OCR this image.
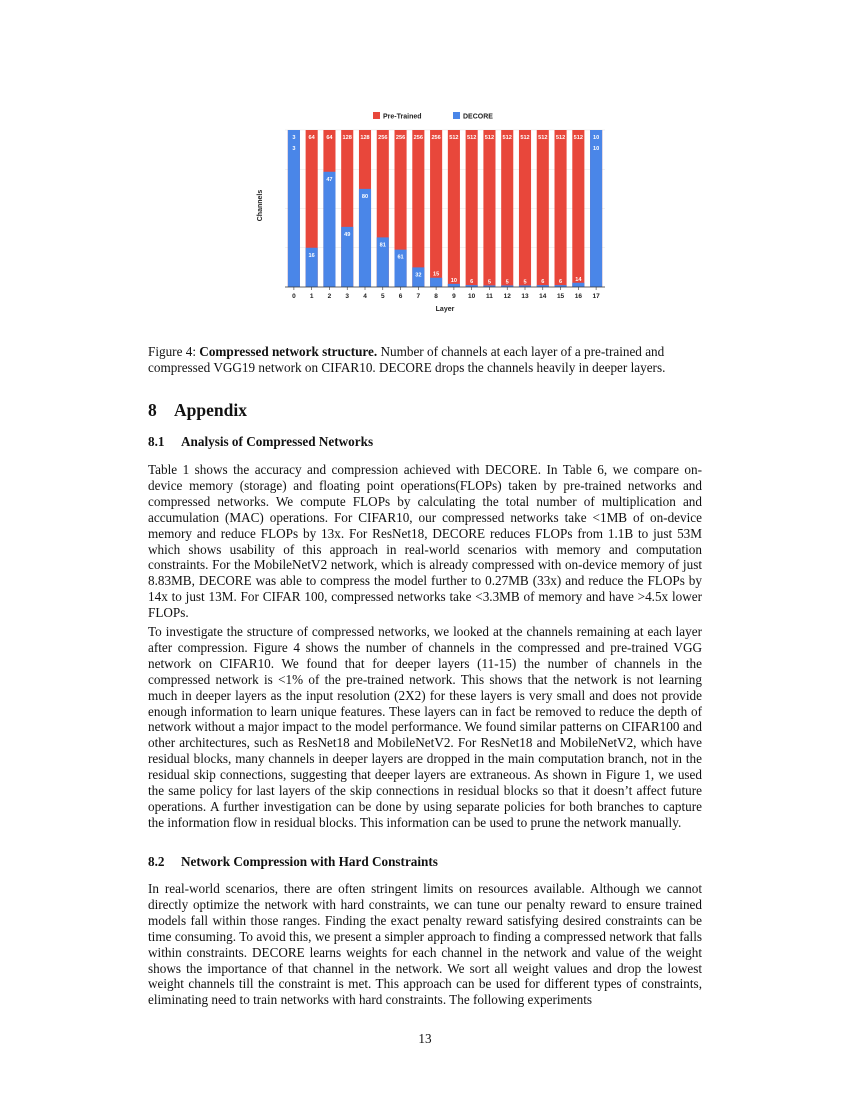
Pre-Trained	DECORE
3
3
0
64
16
1
64
47
2
128
49
3
128
80
4
256
81
5
256
61
6
256
32
7
256
15
8
512
10
9
512
6
10
512
5
11
512
5
12
512
5
13
512
6
14
512
6
15
512
14
16
10
10
17
Layer
Channels
Figure 4: Compressed network structure. Number of channels at each layer of a pre-trained and compressed VGG19 network on CIFAR10. DECORE drops the channels heavily in deeper layers.
8 Appendix
8.1 Analysis of Compressed Networks

Table 1 shows the accuracy and compression achieved with DECORE. In Table 6, we compare on-device memory (storage) and floating point operations(FLOPs) taken by pre-trained networks and compressed networks. We compute FLOPs by calculating the total number of multiplication and accumulation (MAC) operations. For CIFAR10, our compressed networks take <1MB of on-device memory and reduce FLOPs by 13x. For ResNet18, DECORE reduces FLOPs from 1.1B to just 53M which shows usability of this approach in real-world scenarios with memory and computation constraints. For the MobileNetV2 network, which is already compressed with on-device memory of just 8.83MB, DECORE was able to compress the model further to 0.27MB (33x) and reduce the FLOPs by 14x to just 13M. For CIFAR 100, compressed networks take <3.3MB of memory and have >4.5x lower FLOPs.

To investigate the structure of compressed networks, we looked at the channels remaining at each layer after compression. Figure 4 shows the number of channels in the compressed and pre-trained VGG network on CIFAR10. We found that for deeper layers (11-15) the number of channels in the compressed network is <1% of the pre-trained network. This shows that the network is not learning much in deeper layers as the input resolution (2X2) for these layers is very small and does not provide enough information to learn unique features. These layers can in fact be removed to reduce the depth of network without a major impact to the model performance. We found similar patterns on CIFAR100 and other architectures, such as ResNet18 and MobileNetV2. For ResNet18 and MobileNetV2, which have residual blocks, many channels in deeper layers are dropped in the main computation branch, not in the residual skip connections, suggesting that deeper layers are extraneous. As shown in Figure 1, we used the same policy for last layers of the skip connections in residual blocks so that it doesn’t affect future operations. A further investigation can be done by using separate policies for both branches to capture the information flow in residual blocks. This information can be used to prune the network manually.

8.2 Network Compression with Hard Constraints

In real-world scenarios, there are often stringent limits on resources available. Although we cannot directly optimize the network with hard constraints, we can tune our penalty reward to ensure trained models fall within those ranges. Finding the exact penalty reward satisfying desired constraints can be time consuming. To avoid this, we present a simpler approach to finding a compressed network that falls within constraints. DECORE learns weights for each channel in the network and value of the weight shows the importance of that channel in the network. We sort all weight values and drop the lowest weight channels till the constraint is met. This approach can be used for different types of constraints, eliminating need to train networks with hard constraints. The following experiments

13
